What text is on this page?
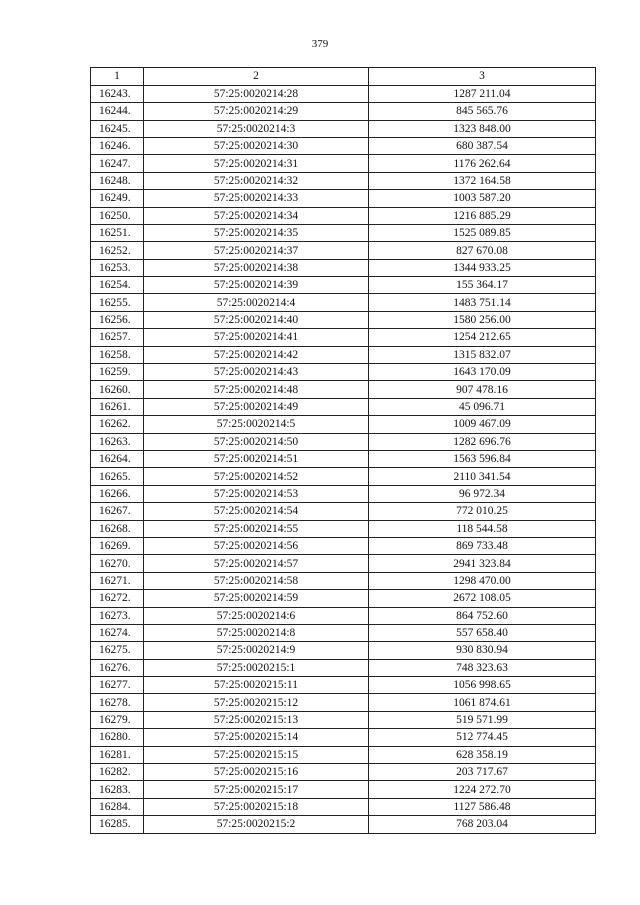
379
1	2	3
16243.	57:25:0020214:28	1287 211.04
16244.	57:25:0020214:29	845 565.76
16245.	57:25:0020214:3	1323 848.00
16246.	57:25:0020214:30	680 387.54
16247.	57:25:0020214:31	1176 262.64
16248.	57:25:0020214:32	1372 164.58
16249.	57:25:0020214:33	1003 587.20
16250.	57:25:0020214:34	1216 885.29
16251.	57:25:0020214:35	1525 089.85
16252.	57:25:0020214:37	827 670.08
16253.	57:25:0020214:38	1344 933.25
16254.	57:25:0020214:39	155 364.17
16255.	57:25:0020214:4	1483 751.14
16256.	57:25:0020214:40	1580 256.00
16257.	57:25:0020214:41	1254 212.65
16258.	57:25:0020214:42	1315 832.07
16259.	57:25:0020214:43	1643 170.09
16260.	57:25:0020214:48	907 478.16
16261.	57:25:0020214:49	45 096.71
16262.	57:25:0020214:5	1009 467.09
16263.	57:25:0020214:50	1282 696.76
16264.	57:25:0020214:51	1563 596.84
16265.	57:25:0020214:52	2110 341.54
16266.	57:25:0020214:53	96 972.34
16267.	57:25:0020214:54	772 010.25
16268.	57:25:0020214:55	118 544.58
16269.	57:25:0020214:56	869 733.48
16270.	57:25:0020214:57	2941 323.84
16271.	57:25:0020214:58	1298 470.00
16272.	57:25:0020214:59	2672 108.05
16273.	57:25:0020214:6	864 752.60
16274.	57:25:0020214:8	557 658.40
16275.	57:25:0020214:9	930 830.94
16276.	57:25:0020215:1	748 323.63
16277.	57:25:0020215:11	1056 998.65
16278.	57:25:0020215:12	1061 874.61
16279.	57:25:0020215:13	519 571.99
16280.	57:25:0020215:14	512 774.45
16281.	57:25:0020215:15	628 358.19
16282.	57:25:0020215:16	203 717.67
16283.	57:25:0020215:17	1224 272.70
16284.	57:25:0020215:18	1127 586.48
16285.	57:25:0020215:2	768 203.04
